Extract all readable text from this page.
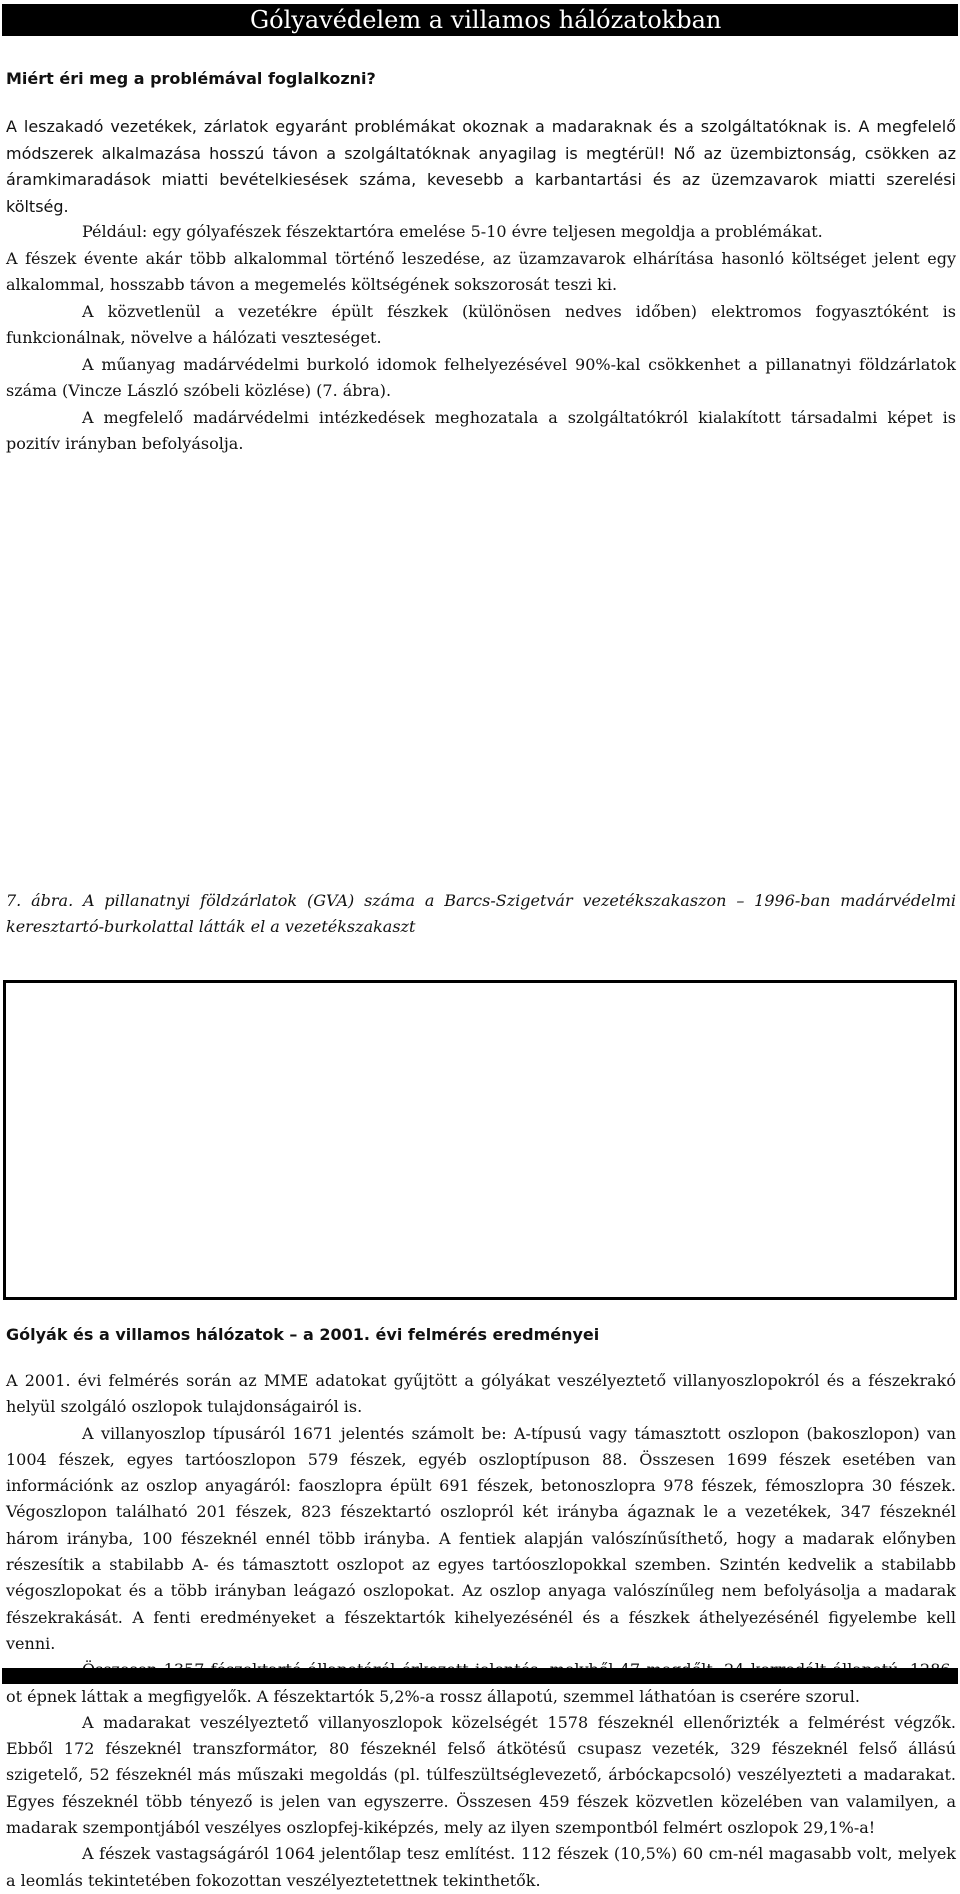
Gólyavédelem a villamos hálózatokban
Miért éri meg a problémával foglalkozni?

A leszakadó vezetékek, zárlatok egyaránt problémákat okoznak a madaraknak és a szolgáltatóknak is. A megfelelő módszerek alkalmazása hosszú távon a szolgáltatóknak anyagilag is megtérül! Nő az üzembiztonság, csökken az áramkimaradások miatti bevételkiesések száma, kevesebb a karbantartási és az üzemzavarok miatti szerelési költség.

Például: egy gólyafészek fészektartóra emelése 5-10 évre teljesen megoldja a problémákat.

A fészek évente akár több alkalommal történő leszedése, az üzamzavarok elhárítása hasonló költséget jelent egy alkalommal, hosszabb távon a megemelés költségének sokszorosát teszi ki.

A közvetlenül a vezetékre épült fészkek (különösen nedves időben) elektromos fogyasztóként is funkcionálnak, növelve a hálózati veszteséget.

A műanyag madárvédelmi burkoló idomok felhelyezésével 90%-kal csökkenhet a pillanatnyi földzárlatok száma (Vincze László szóbeli közlése) (7. ábra).

A megfelelő madárvédelmi intézkedések meghozatala a szolgáltatókról kialakított társadalmi képet is pozitív irányban befolyásolja.

7. ábra. A pillanatnyi földzárlatok (GVA) száma a Barcs-Szigetvár vezetékszakaszon – 1996-ban madárvédelmi keresztartó-burkolattal látták el a vezetékszakaszt

Gólyák és a villamos hálózatok – a 2001. évi felmérés eredményei

A 2001. évi felmérés során az MME adatokat gyűjtött a gólyákat veszélyeztető villanyoszlopokról és a fészekrakó helyül szolgáló oszlopok tulajdonságairól is.

A villanyoszlop típusáról 1671 jelentés számolt be: A-típusú vagy támasztott oszlopon (bakoszlopon) van 1004 fészek, egyes tartóoszlopon 579 fészek, egyéb oszloptípuson 88. Összesen 1699 fészek esetében van információnk az oszlop anyagáról: faoszlopra épült 691 fészek, betonoszlopra 978 fészek, fémoszlopra 30 fészek. Végoszlopon található 201 fészek, 823 fészektartó oszlopról két irányba ágaznak le a vezetékek, 347 fészeknél három irányba, 100 fészeknél ennél több irányba. A fentiek alapján valószínűsíthető, hogy a madarak előnyben részesítik a stabilabb A- és támasztott oszlopot az egyes tartóoszlopokkal szemben. Szintén kedvelik a stabilabb végoszlopokat és a több irányban leágazó oszlopokat. Az oszlop anyaga valószínűleg nem befolyásolja a madarak fészekrakását. A fenti eredményeket a fészektartók kihelyezésénél és a fészkek áthelyezésénél figyelembe kell venni.

ot épnek láttak a megfigyelők. A fészektartók 5,2%-a rossz állapotú, szemmel láthatóan is cserére szorul.

A madarakat veszélyeztető villanyoszlopok közelségét 1578 fészeknél ellenőrizték a felmérést végzők. Ebből 172 fészeknél transzformátor, 80 fészeknél felső átkötésű csupasz vezeték, 329 fészeknél felső állású szigetelő, 52 fészeknél más műszaki megoldás (pl. túlfeszültséglevezető, árbóckapcsoló) veszélyezteti a madarakat. Egyes fészeknél több tényező is jelen van egyszerre. Összesen 459 fészek közvetlen közelében van valamilyen, a madarak szempontjából veszélyes oszlopfej-kiképzés, mely az ilyen szempontból felmért oszlopok 29,1%-a!

A fészek vastagságáról 1064 jelentőlap tesz említést. 112 fészek (10,5%) 60 cm-nél magasabb volt, melyek a leomlás tekintetében fokozottan veszélyeztetettnek tekinthetők.
